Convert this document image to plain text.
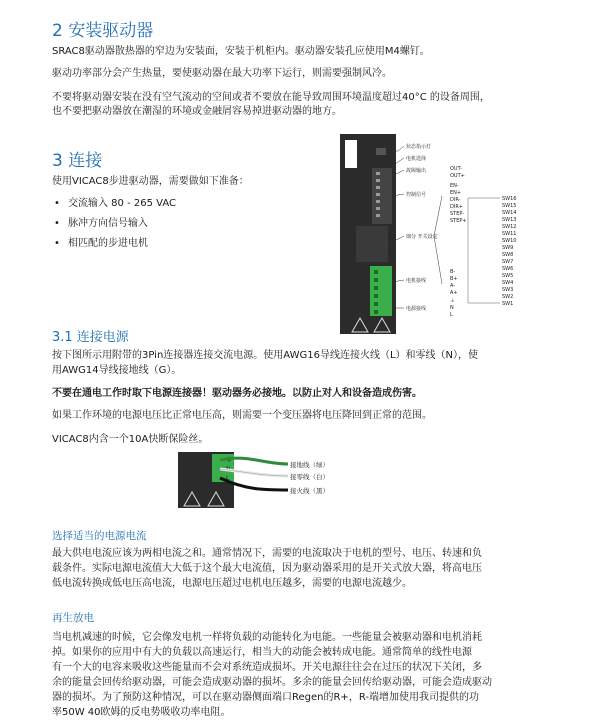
2 安装驱动器
SRAC8驱动器散热器的窄边为安装面，安装于机柜内。驱动器安装孔应使用M4螺钉。
驱动功率部分会产生热量，要使驱动器在最大功率下运行，则需要强制风冷。
不要将驱动器安装在没有空气流动的空间或者不要放在能导致周围环境温度超过40°C 的设备周围，
也不要把驱动器放在潮湿的环境或金融屑容易掉进驱动器的地方。
3 连接
使用VICAC8步进驱动器，需要做如下准备：
• 交流输入 80 - 265 VAC
• 脉冲方向信号输入
• 相匹配的步进电机
状态指示灯
电机选择
故障输出	OUT-
OUT+
控制信号
EN-
EN+
DIR-
DIR+
STEP-
STEP+
细分 开关设定
SW16
SW15
SW14
SW13
SW12
SW11
SW10
SW9
SW8
SW7
SW6
SW5
SW4
SW3
SW2
SW1
电机接线
B-
B+
A-
A+
电源接线
⏚
N
L
3.1 连接电源
按下图所示用附带的3Pin连接器连接交流电源。使用AWG16导线连接火线（L）和零线（N），使
用AWG14导线接地线（G）。
不要在通电工作时取下电源连接器！驱动器务必接地。以防止对人和设备造成伤害。
如果工作环境的电源电压比正常电压高，则需要一个变压器将电压降回到正常的范围。
VICAC8内含一个10A快断保险丝。
⏚
N
L
接地线（绿）
接零线（白）
接火线（黑）
选择适当的电源电流
最大供电电流应该为两相电流之和。通常情况下，需要的电流取决于电机的型号、电压、转速和负
载条件。实际电源电流值大大低于这个最大电流值，因为驱动器采用的是开关式放大器，将高电压
低电流转换成低电压高电流，电源电压超过电机电压越多，需要的电源电流越少。
再生放电
当电机减速的时候，它会像发电机一样将负载的动能转化为电能。一些能量会被驱动器和电机消耗
掉。如果你的应用中有大的负载以高速运行，相当大的动能会被转成电能。通常简单的线性电源
有一个大的电容来吸收这些能量而不会对系统造成损坏。开关电源往往会在过压的状况下关闭，多
余的能量会回传给驱动器，可能会造成驱动器的损坏。多余的能量会回传给驱动器，可能会造成驱动
器的损坏。为了预防这种情况，可以在驱动器侧面端口Regen的R+，R-端增加使用我司提供的功
率50W 40欧姆的反电势吸收功率电阻。
